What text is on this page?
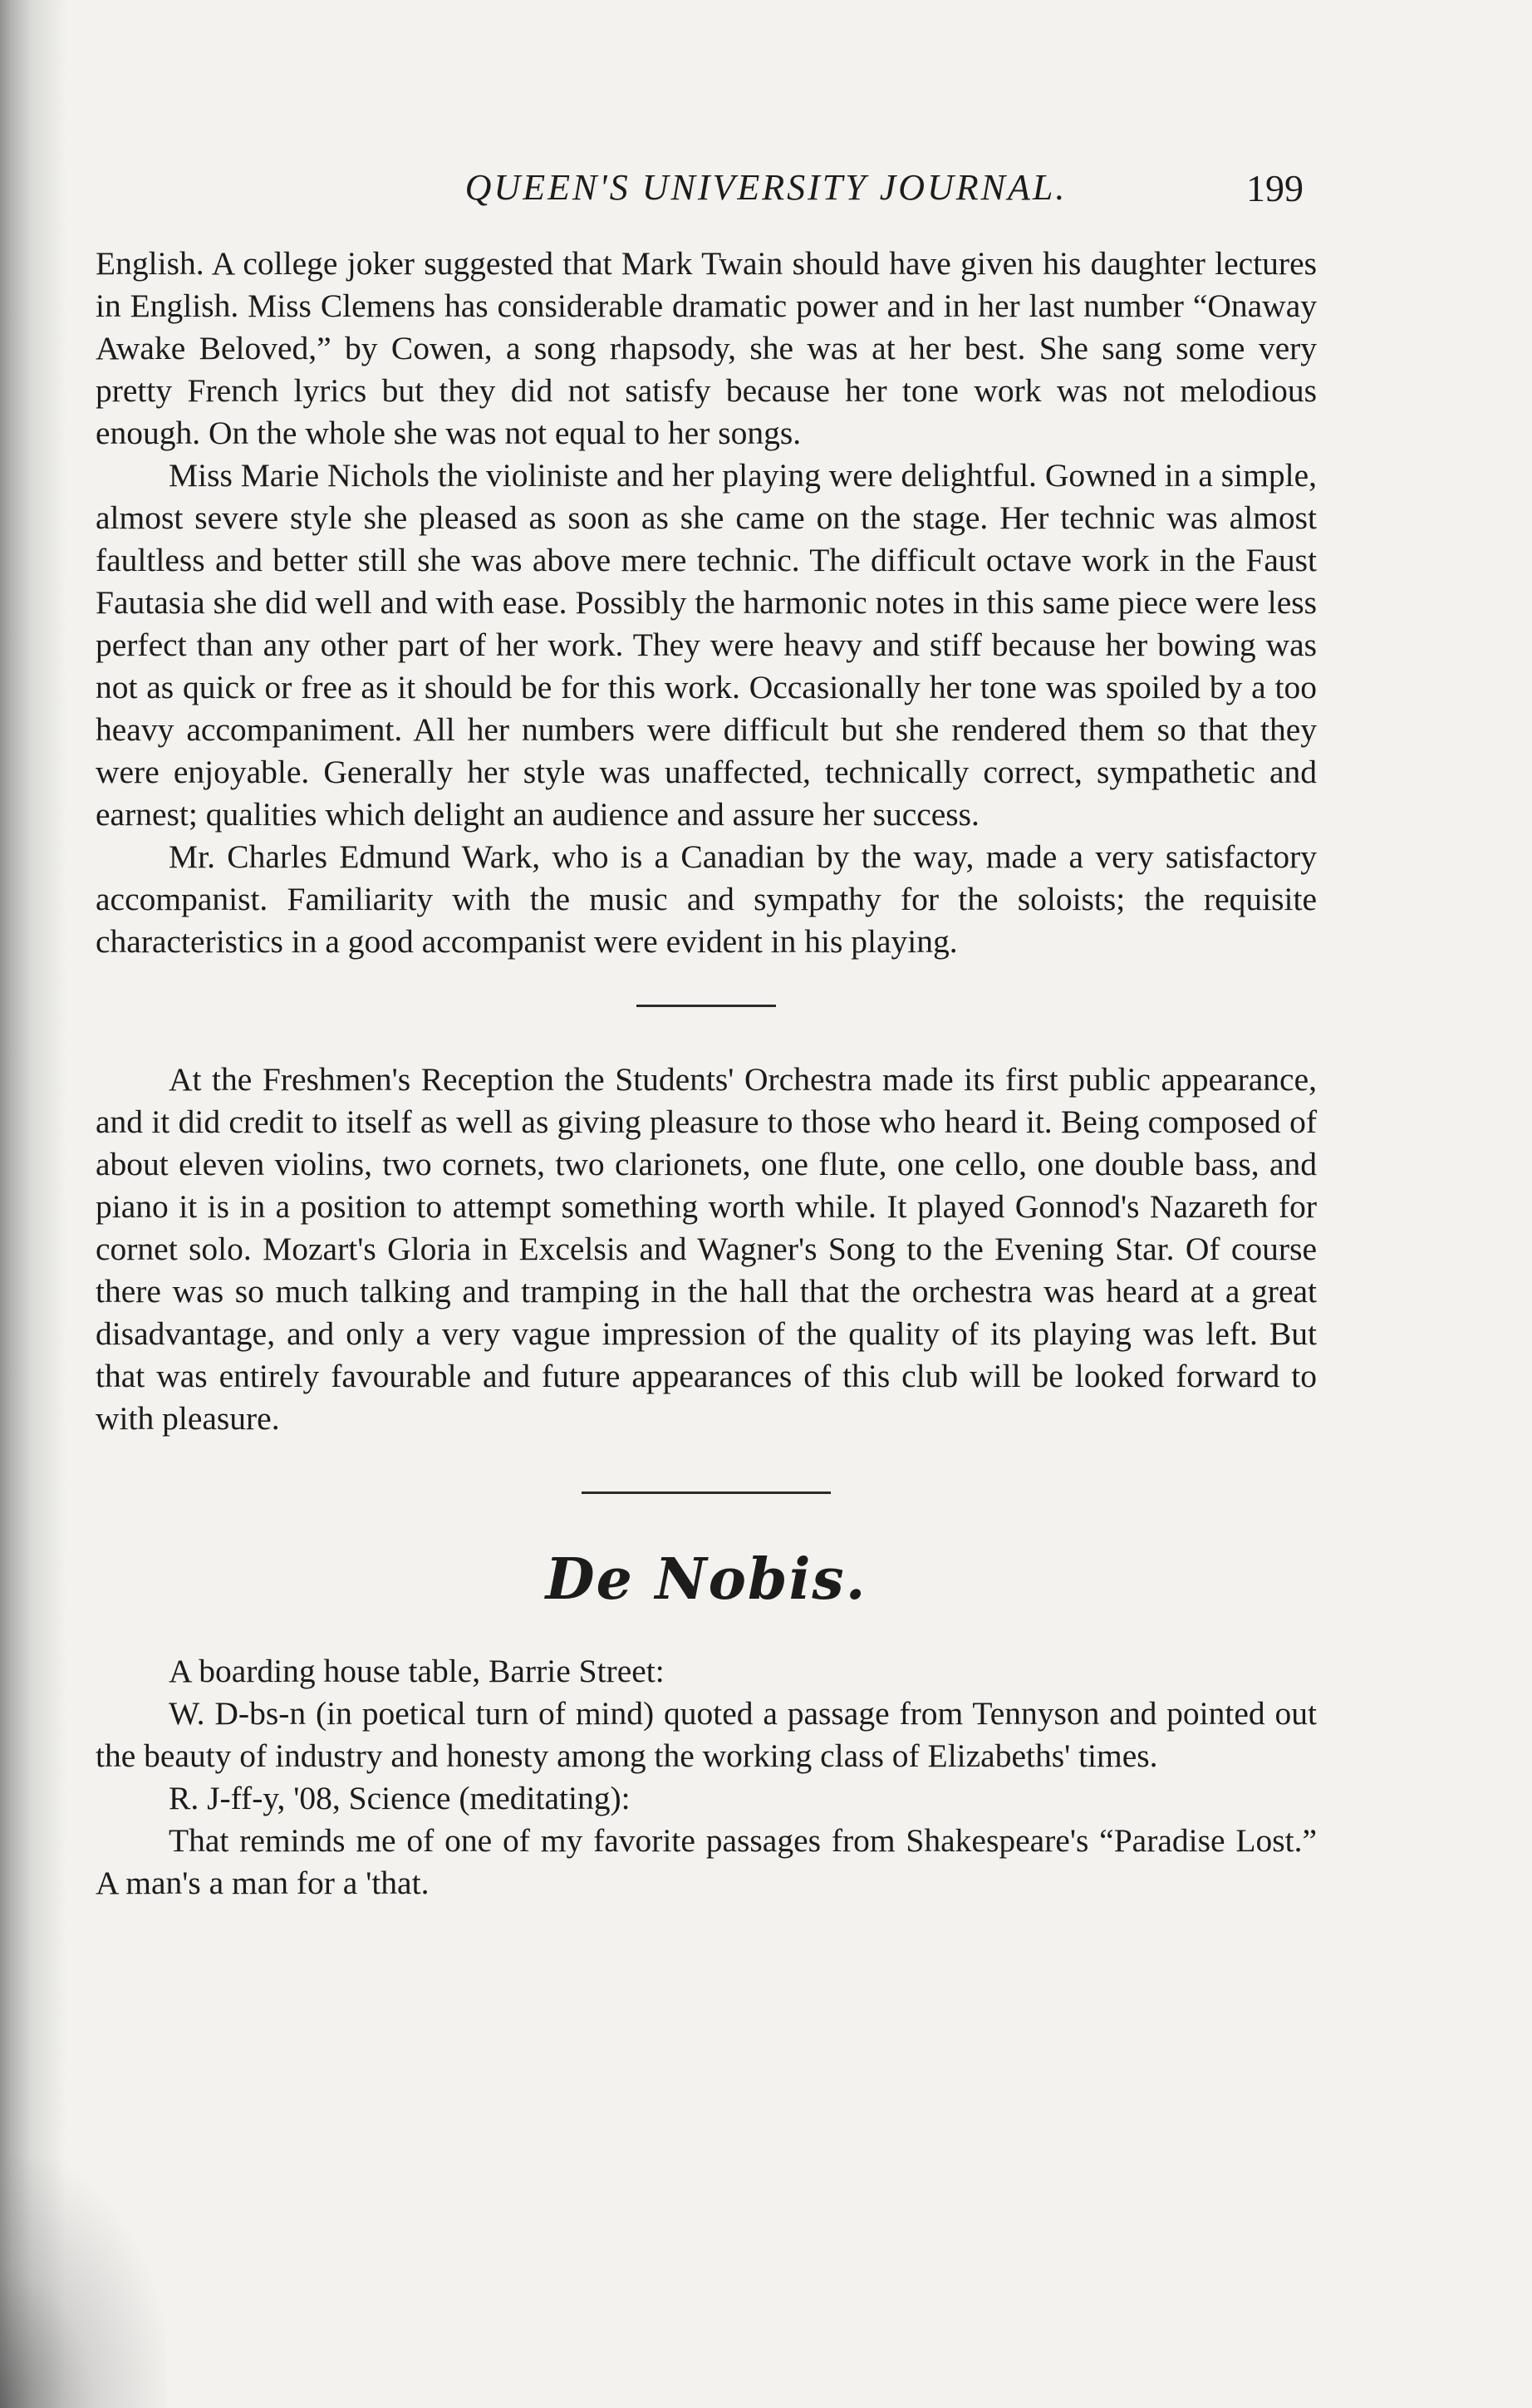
QUEEN'S UNIVERSITY JOURNAL.	199

English. A college joker suggested that Mark Twain should have given his daughter lectures in English. Miss Clemens has considerable dramatic power and in her last number “Onaway Awake Beloved,” by Cowen, a song rhapsody, she was at her best. She sang some very pretty French lyrics but they did not satisfy because her tone work was not melodious enough. On the whole she was not equal to her songs.

Miss Marie Nichols the violiniste and her playing were delightful. Gowned in a simple, almost severe style she pleased as soon as she came on the stage. Her technic was almost faultless and better still she was above mere technic. The difficult octave work in the Faust Fautasia she did well and with ease. Possibly the harmonic notes in this same piece were less perfect than any other part of her work. They were heavy and stiff because her bowing was not as quick or free as it should be for this work. Occasionally her tone was spoiled by a too heavy accompaniment. All her numbers were difficult but she rendered them so that they were enjoyable. Generally her style was unaffected, technically correct, sympathetic and earnest; qualities which delight an audience and assure her success.

Mr. Charles Edmund Wark, who is a Canadian by the way, made a very satisfactory accompanist. Familiarity with the music and sympathy for the soloists; the requisite characteristics in a good accompanist were evident in his playing.

At the Freshmen's Reception the Students' Orchestra made its first public appearance, and it did credit to itself as well as giving pleasure to those who heard it. Being composed of about eleven violins, two cornets, two clarionets, one flute, one cello, one double bass, and piano it is in a position to attempt something worth while. It played Gonnod's Nazareth for cornet solo. Mozart's Gloria in Excelsis and Wagner's Song to the Evening Star. Of course there was so much talking and tramping in the hall that the orchestra was heard at a great disadvantage, and only a very vague impression of the quality of its playing was left. But that was entirely favourable and future appearances of this club will be looked forward to with pleasure.

De Nobis.

A boarding house table, Barrie Street:

W. D-bs-n (in poetical turn of mind) quoted a passage from Tennyson and pointed out the beauty of industry and honesty among the working class of Elizabeths' times.

R. J-ff-y, '08, Science (meditating):

That reminds me of one of my favorite passages from Shakespeare's “Paradise Lost.” A man's a man for a 'that.
